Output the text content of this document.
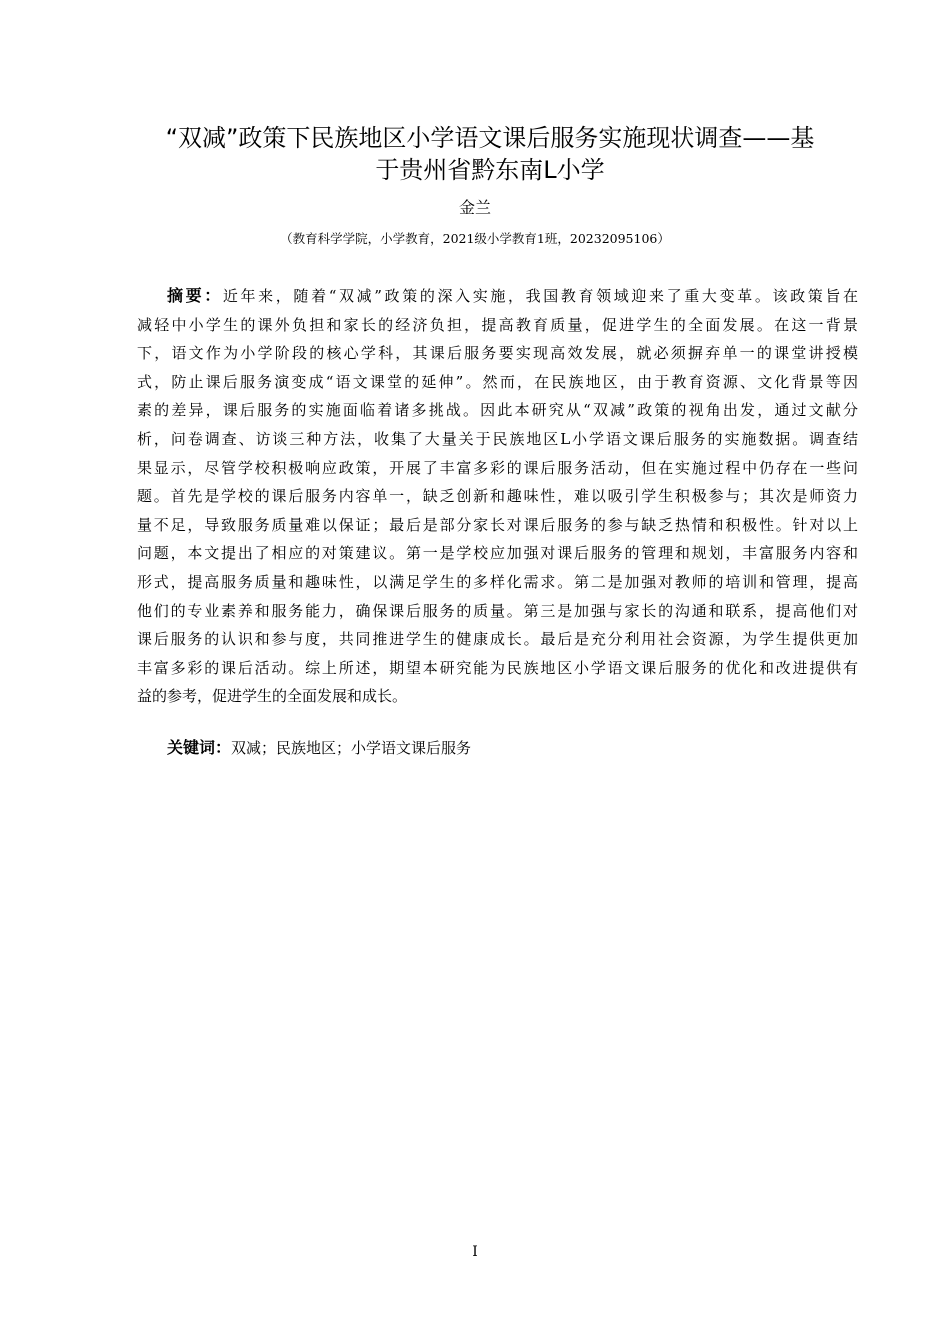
“双减”政策下民族地区小学语文课后服务实施现状调查——基
于贵州省黔东南L小学
金兰
（教育科学学院，小学教育，2021级小学教育1班，20232095106）
摘要：近年来，随着“双减”政策的深入实施，我国教育领域迎来了重大变革。该政策旨在
减轻中小学生的课外负担和家长的经济负担，提高教育质量，促进学生的全面发展。在这一背景
下，语文作为小学阶段的核心学科，其课后服务要实现高效发展，就必须摒弃单一的课堂讲授模
式，防止课后服务演变成“语文课堂的延伸”。然而，在民族地区，由于教育资源、文化背景等因
素的差异，课后服务的实施面临着诸多挑战。因此本研究从“双减”政策的视角出发，通过文献分
析，问卷调查、访谈三种方法，收集了大量关于民族地区L小学语文课后服务的实施数据。调查结
果显示，尽管学校积极响应政策，开展了丰富多彩的课后服务活动，但在实施过程中仍存在一些问
题。首先是学校的课后服务内容单一，缺乏创新和趣味性，难以吸引学生积极参与；其次是师资力
量不足，导致服务质量难以保证；最后是部分家长对课后服务的参与缺乏热情和积极性。针对以上
问题，本文提出了相应的对策建议。第一是学校应加强对课后服务的管理和规划，丰富服务内容和
形式，提高服务质量和趣味性，以满足学生的多样化需求。第二是加强对教师的培训和管理，提高
他们的专业素养和服务能力，确保课后服务的质量。第三是加强与家长的沟通和联系，提高他们对
课后服务的认识和参与度，共同推进学生的健康成长。最后是充分利用社会资源，为学生提供更加
丰富多彩的课后活动。综上所述，期望本研究能为民族地区小学语文课后服务的优化和改进提供有
益的参考，促进学生的全面发展和成长。
关键词：双减；民族地区；小学语文课后服务
I
